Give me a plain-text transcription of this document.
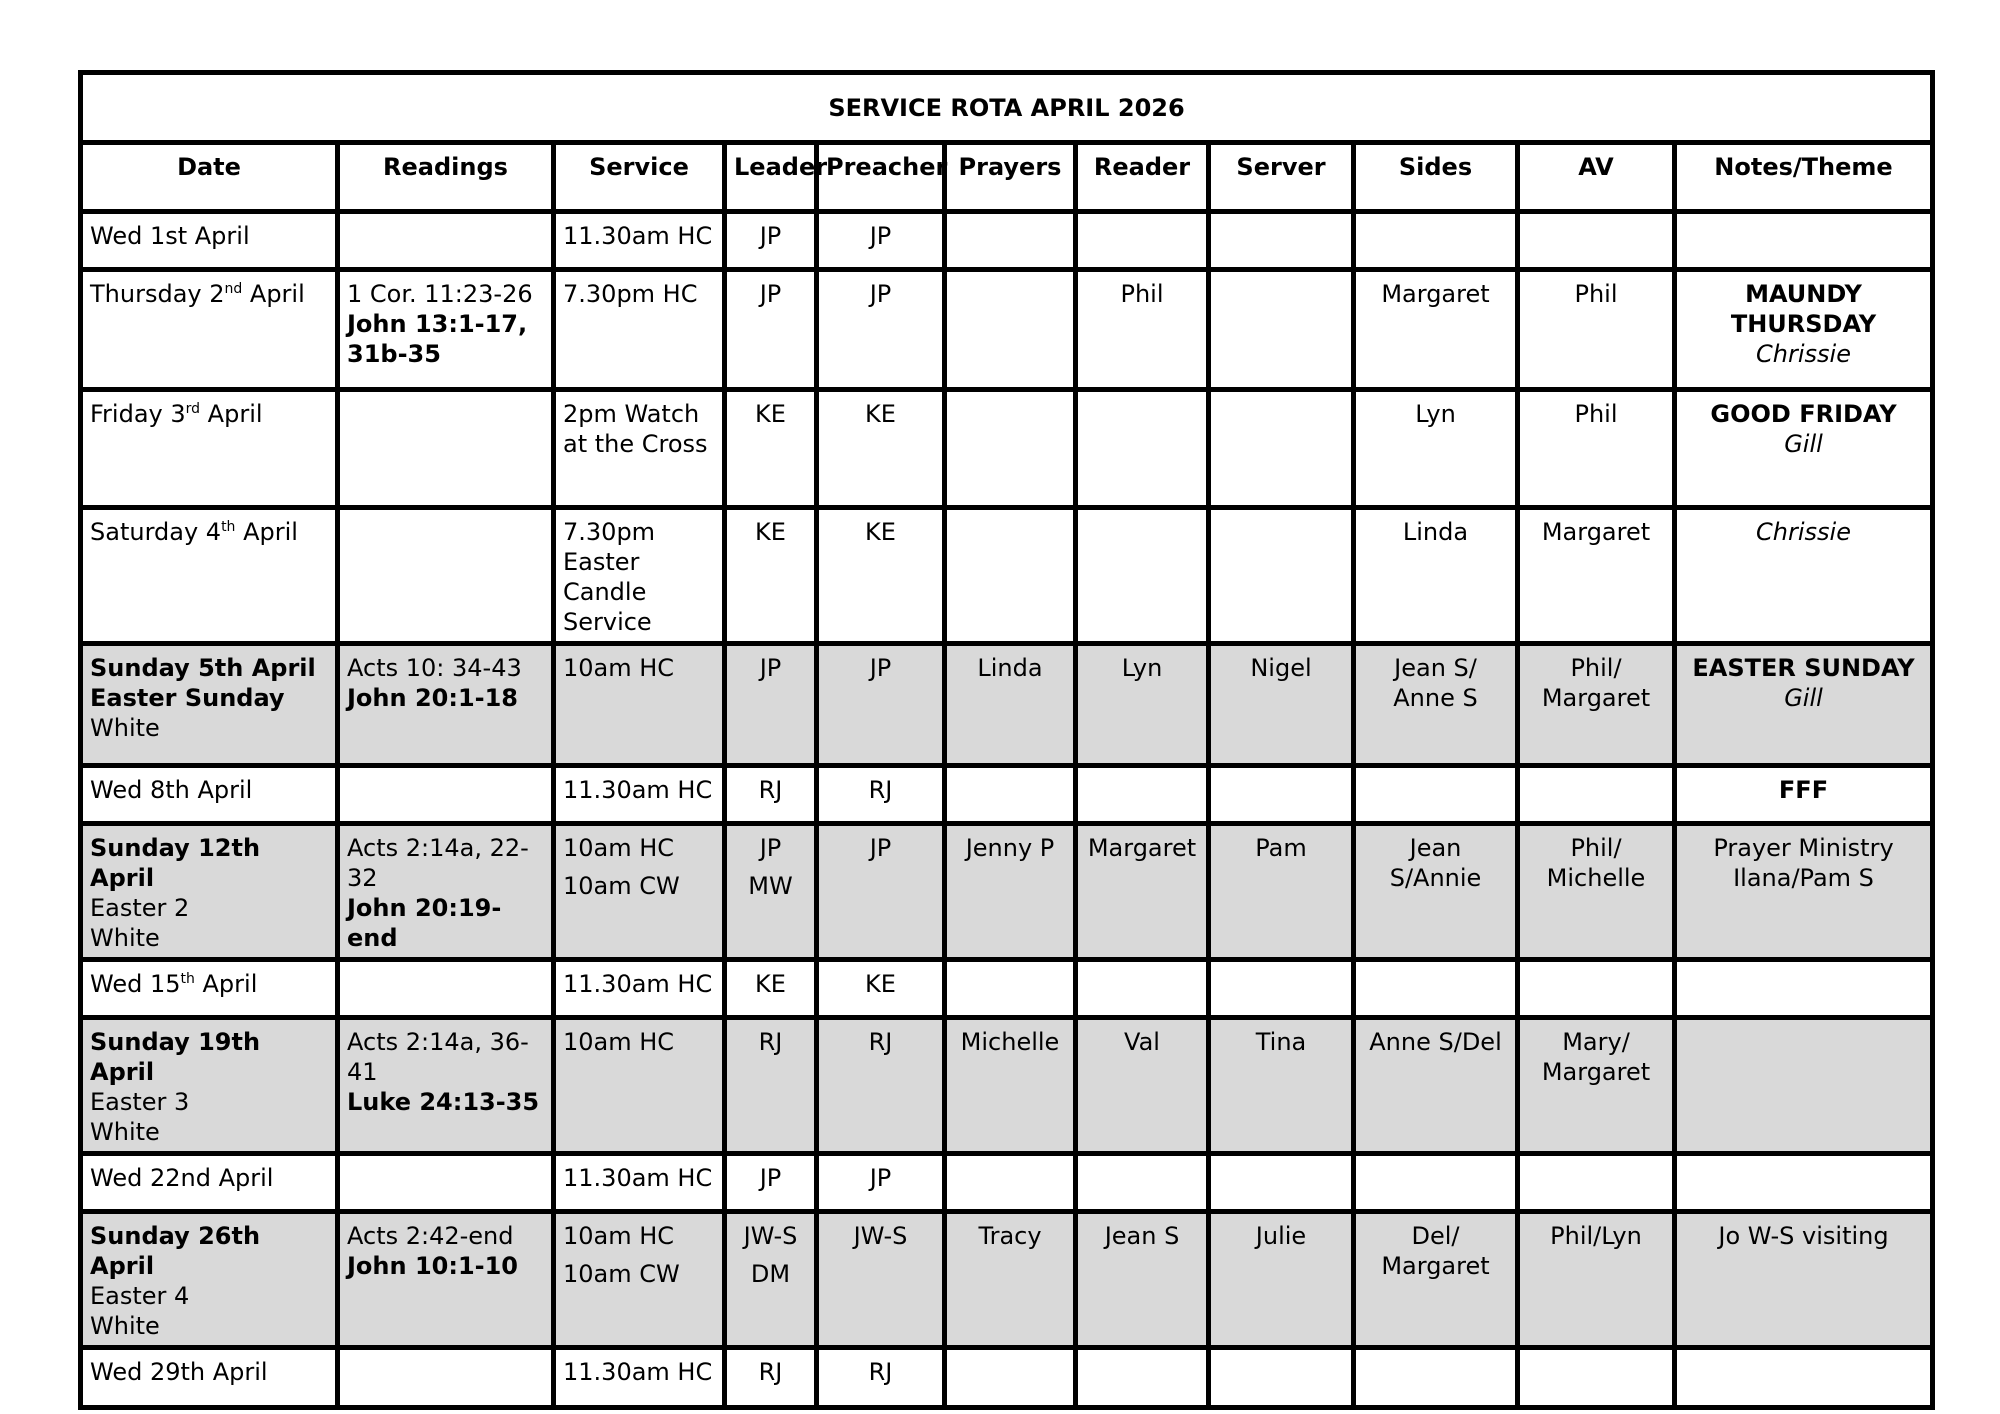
SERVICE ROTA APRIL 2026										
Date	Readings	Service	Leader	Preacher	Prayers	Reader	Server	Sides	AV	Notes/Theme

Wed 1st April		11.30am HC	JP	JP						

Thursday 2nd April	1 Cor. 11:23-26
John 13:1-17,
31b-35	7.30pm HC	JP	JP		Phil		Margaret	Phil	MAUNDY THURSDAY
Chrissie

Friday 3rd April		2pm Watch
at the Cross	KE	KE				Lyn	Phil	GOOD FRIDAY
Gill

Saturday 4th April		7.30pm
Easter Candle
Service	KE	KE				Linda	Margaret	Chrissie

Sunday 5th April
Easter Sunday
White	Acts 10: 34-43
John 20:1-18	10am HC	JP	JP	Linda	Lyn	Nigel	Jean S/
Anne S	Phil/
Margaret	EASTER SUNDAY
Gill

Wed 8th April		11.30am HC	RJ	RJ						FFF

Sunday 12th April
Easter 2
White	Acts 2:14a, 22-32
John 20:19-end	10am HC
10am CW	JP
MW	JP	Jenny P	Margaret	Pam	Jean S/Annie	Phil/
Michelle	Prayer Ministry
Ilana/Pam S

Wed 15th April		11.30am HC	KE	KE						

Sunday 19th April
Easter 3
White	Acts 2:14a, 36-41
Luke 24:13-35	10am HC	RJ	RJ	Michelle	Val	Tina	Anne S/Del	Mary/
Margaret	

Wed 22nd April		11.30am HC	JP	JP						

Sunday 26th April
Easter 4
White	Acts 2:42-end
John 10:1-10	10am HC
10am CW	JW-S
DM	JW-S	Tracy	Jean S	Julie	Del/
Margaret	Phil/Lyn	Jo W-S visiting

Wed 29th April		11.30am HC	RJ	RJ						
